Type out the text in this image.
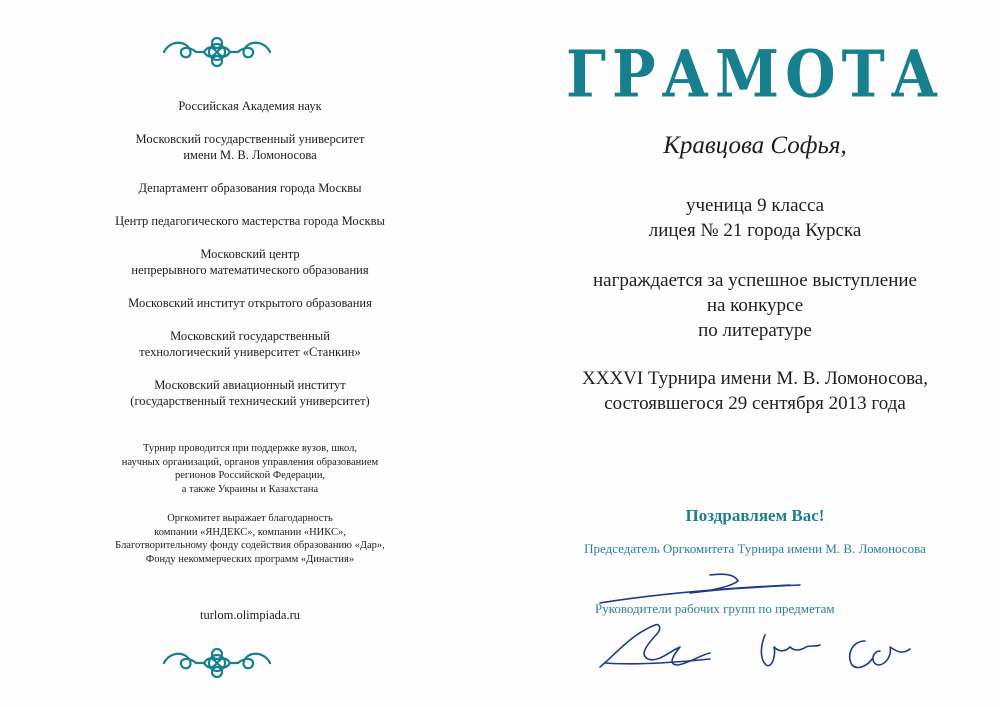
Российская Академия наук
Московский государственный университет
имени М. В. Ломоносова
Департамент образования города Москвы
Центр педагогического мастерства города Москвы
Московский центр
непрерывного математического образования
Московский институт открытого образования
Московский государственный
технологический университет «Станкин»
Московский авиационный институт
(государственный технический университет)
Турнир проводится при поддержке вузов, школ,
научных организаций, органов управления образованием
регионов Российской Федерации,
а также Украины и Казахстана
Оргкомитет выражает благодарность
компании «ЯНДЕКС», компании «НИКС»,
Благотворительному фонду содействия образованию «Дар»,
Фонду некоммерческих программ «Династия»
turlom.olimpiada.ru
ГРАМОТА
Кравцова Софья,
ученица 9 класса
лицея № 21 города Курска
награждается за успешное выступление
на конкурсе
по литературе
XXXVI Турнира имени М. В. Ломоносова,
состоявшегося 29 сентября 2013 года
Поздравляем Вас!
Председатель Оргкомитета Турнира имени М. В. Ломоносова
Руководители рабочих групп по предметам
